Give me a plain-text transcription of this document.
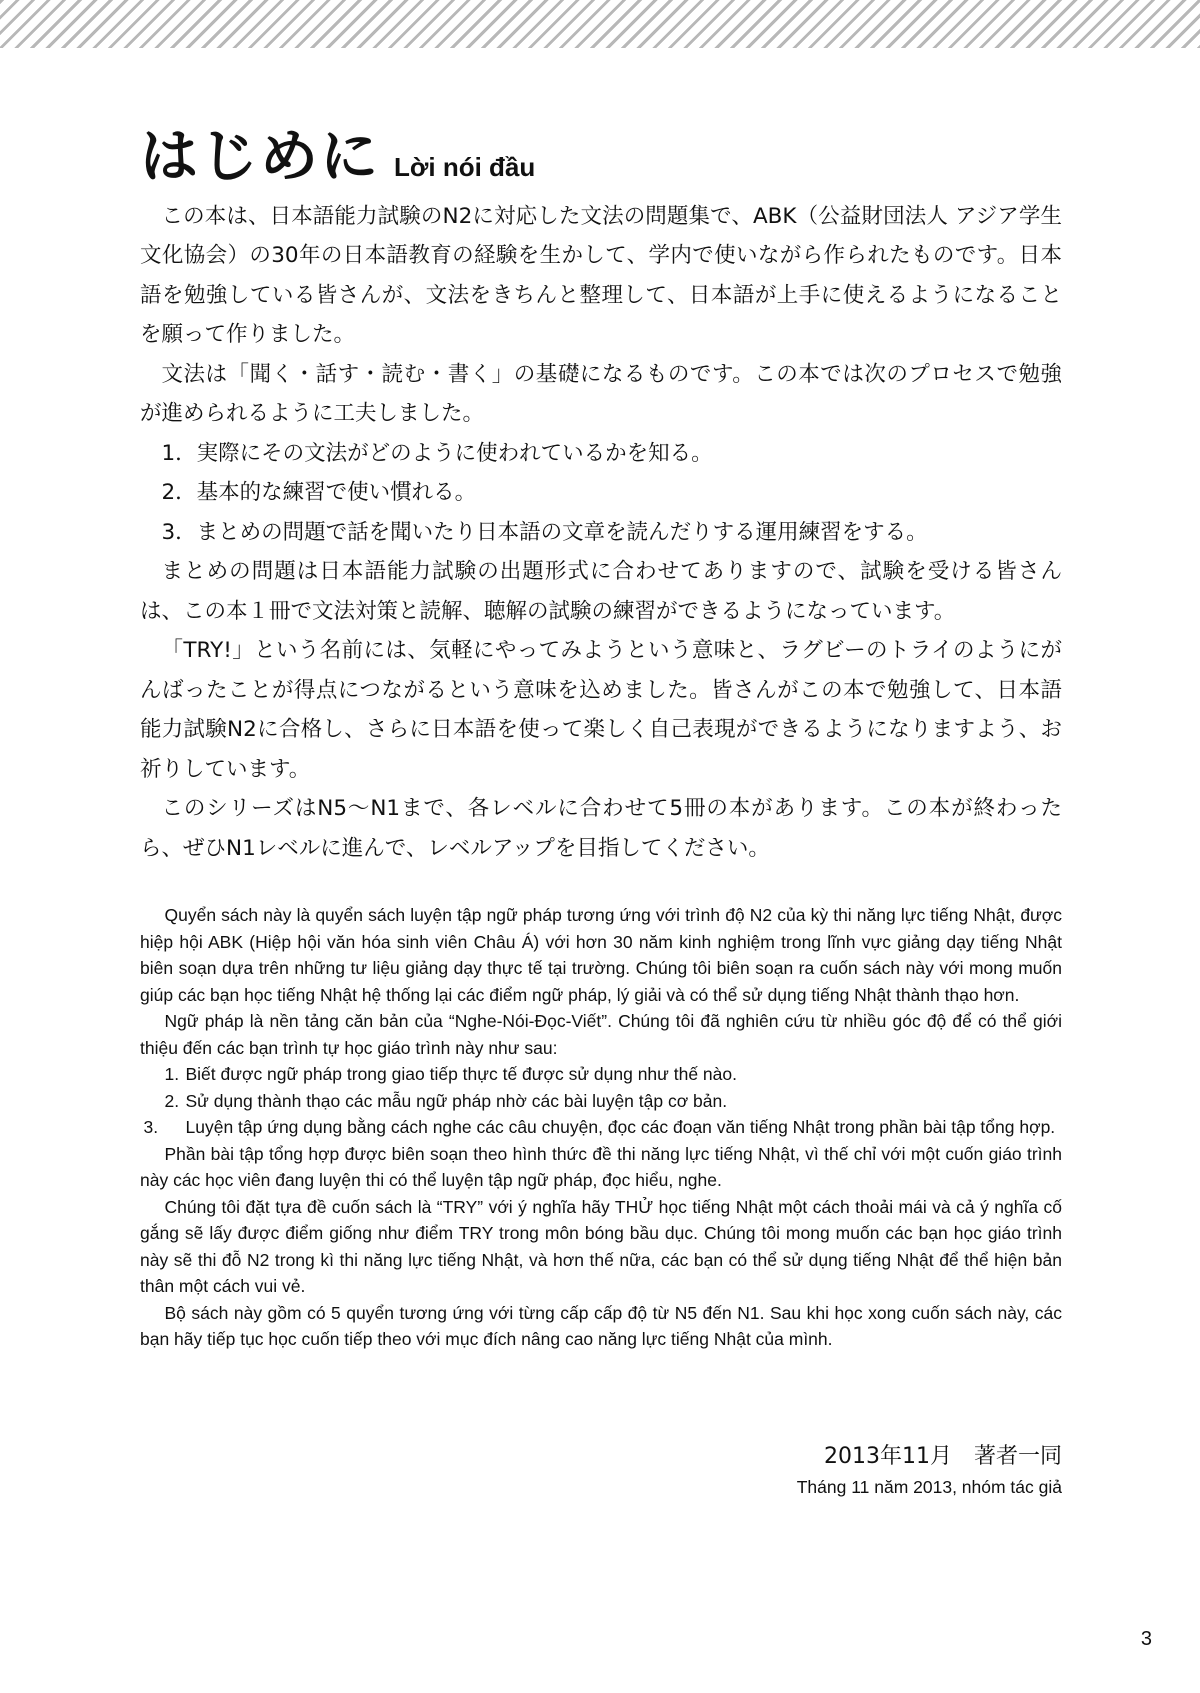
はじめに Lời nói đầu

この本は、日本語能力試験のN2に対応した文法の問題集で、ABK（公益財団法人 アジア学生文化協会）の30年の日本語教育の経験を生かして、学内で使いながら作られたものです。日本語を勉強している皆さんが、文法をきちんと整理して、日本語が上手に使えるようになることを願って作りました。

文法は「聞く・話す・読む・書く」の基礎になるものです。この本では次のプロセスで勉強が進められるように工夫しました。

1．実際にその文法がどのように使われているかを知る。
2．基本的な練習で使い慣れる。
3．まとめの問題で話を聞いたり日本語の文章を読んだりする運用練習をする。

まとめの問題は日本語能力試験の出題形式に合わせてありますので、試験を受ける皆さんは、この本１冊で文法対策と読解、聴解の試験の練習ができるようになっています。

「TRY!」という名前には、気軽にやってみようという意味と、ラグビーのトライのようにがんばったことが得点につながるという意味を込めました。皆さんがこの本で勉強して、日本語能力試験N2に合格し、さらに日本語を使って楽しく自己表現ができるようになりますよう、お祈りしています。

このシリーズはN5～N1まで、各レベルに合わせて5冊の本があります。この本が終わったら、ぜひN1レベルに進んで、レベルアップを目指してください。

Quyển sách này là quyển sách luyện tập ngữ pháp tương ứng với trình độ N2 của kỳ thi năng lực tiếng Nhật, được hiệp hội ABK (Hiệp hội văn hóa sinh viên Châu Á) với hơn 30 năm kinh nghiệm trong lĩnh vực giảng dạy tiếng Nhật biên soạn dựa trên những tư liệu giảng dạy thực tế tại trường. Chúng tôi biên soạn ra cuốn sách này với mong muốn giúp các bạn học tiếng Nhật hệ thống lại các điểm ngữ pháp, lý giải và có thể sử dụng tiếng Nhật thành thạo hơn.

Ngữ pháp là nền tảng căn bản của “Nghe-Nói-Đọc-Viết”. Chúng tôi đã nghiên cứu từ nhiều góc độ để có thể giới thiệu đến các bạn trình tự học giáo trình này như sau:

1. Biết được ngữ pháp trong giao tiếp thực tế được sử dụng như thế nào.
2. Sử dụng thành thạo các mẫu ngữ pháp nhờ các bài luyện tập cơ bản.
3. Luyện tập ứng dụng bằng cách nghe các câu chuyện, đọc các đoạn văn tiếng Nhật trong phần bài tập tổng hợp.

Phần bài tập tổng hợp được biên soạn theo hình thức đề thi năng lực tiếng Nhật, vì thế chỉ với một cuốn giáo trình này các học viên đang luyện thi có thể luyện tập ngữ pháp, đọc hiểu, nghe.

Chúng tôi đặt tựa đề cuốn sách là “TRY” với ý nghĩa hãy THỬ học tiếng Nhật một cách thoải mái và cả ý nghĩa cố gắng sẽ lấy được điểm giống như điểm TRY trong môn bóng bầu dục. Chúng tôi mong muốn các bạn học giáo trình này sẽ thi đỗ N2 trong kì thi năng lực tiếng Nhật, và hơn thế nữa, các bạn có thể sử dụng tiếng Nhật để thể hiện bản thân một cách vui vẻ.

Bộ sách này gồm có 5 quyển tương ứng với từng cấp cấp độ từ N5 đến N1. Sau khi học xong cuốn sách này, các bạn hãy tiếp tục học cuốn tiếp theo với mục đích nâng cao năng lực tiếng Nhật của mình.

2013年11月　著者一同
Tháng 11 năm 2013, nhóm tác giả
3
